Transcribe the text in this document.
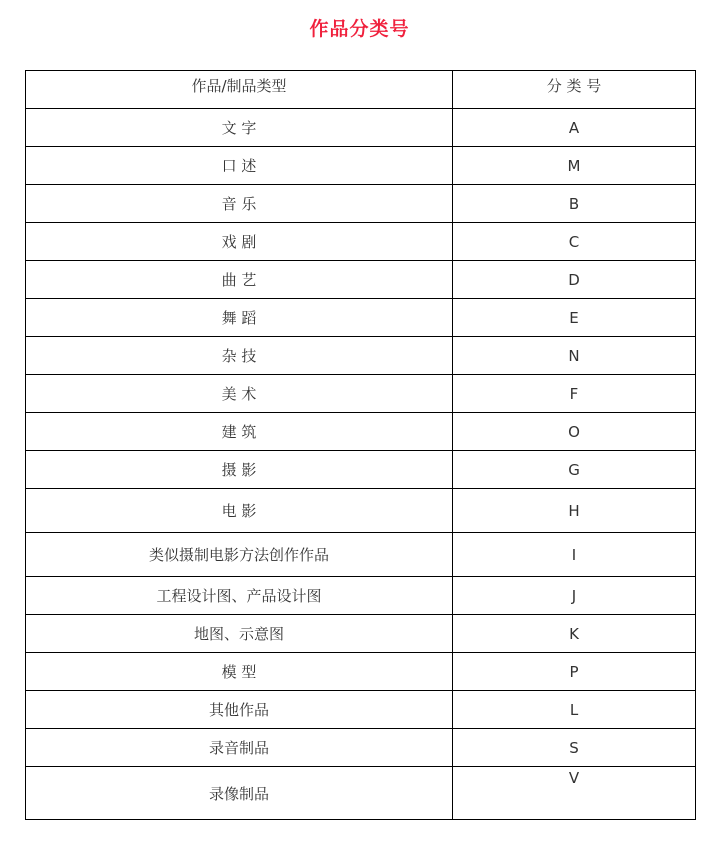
作品分类号
作品/制品类型	分 类 号
文 字	A
口 述	M
音 乐	B
戏 剧	C
曲 艺	D
舞 蹈	E
杂 技	N
美 术	F
建 筑	O
摄 影	G
电 影	H
类似摄制电影方法创作作品	I
工程设计图、产品设计图	J
地图、示意图	K
模 型	P
其他作品	L
录音制品	S
录像制品	V
